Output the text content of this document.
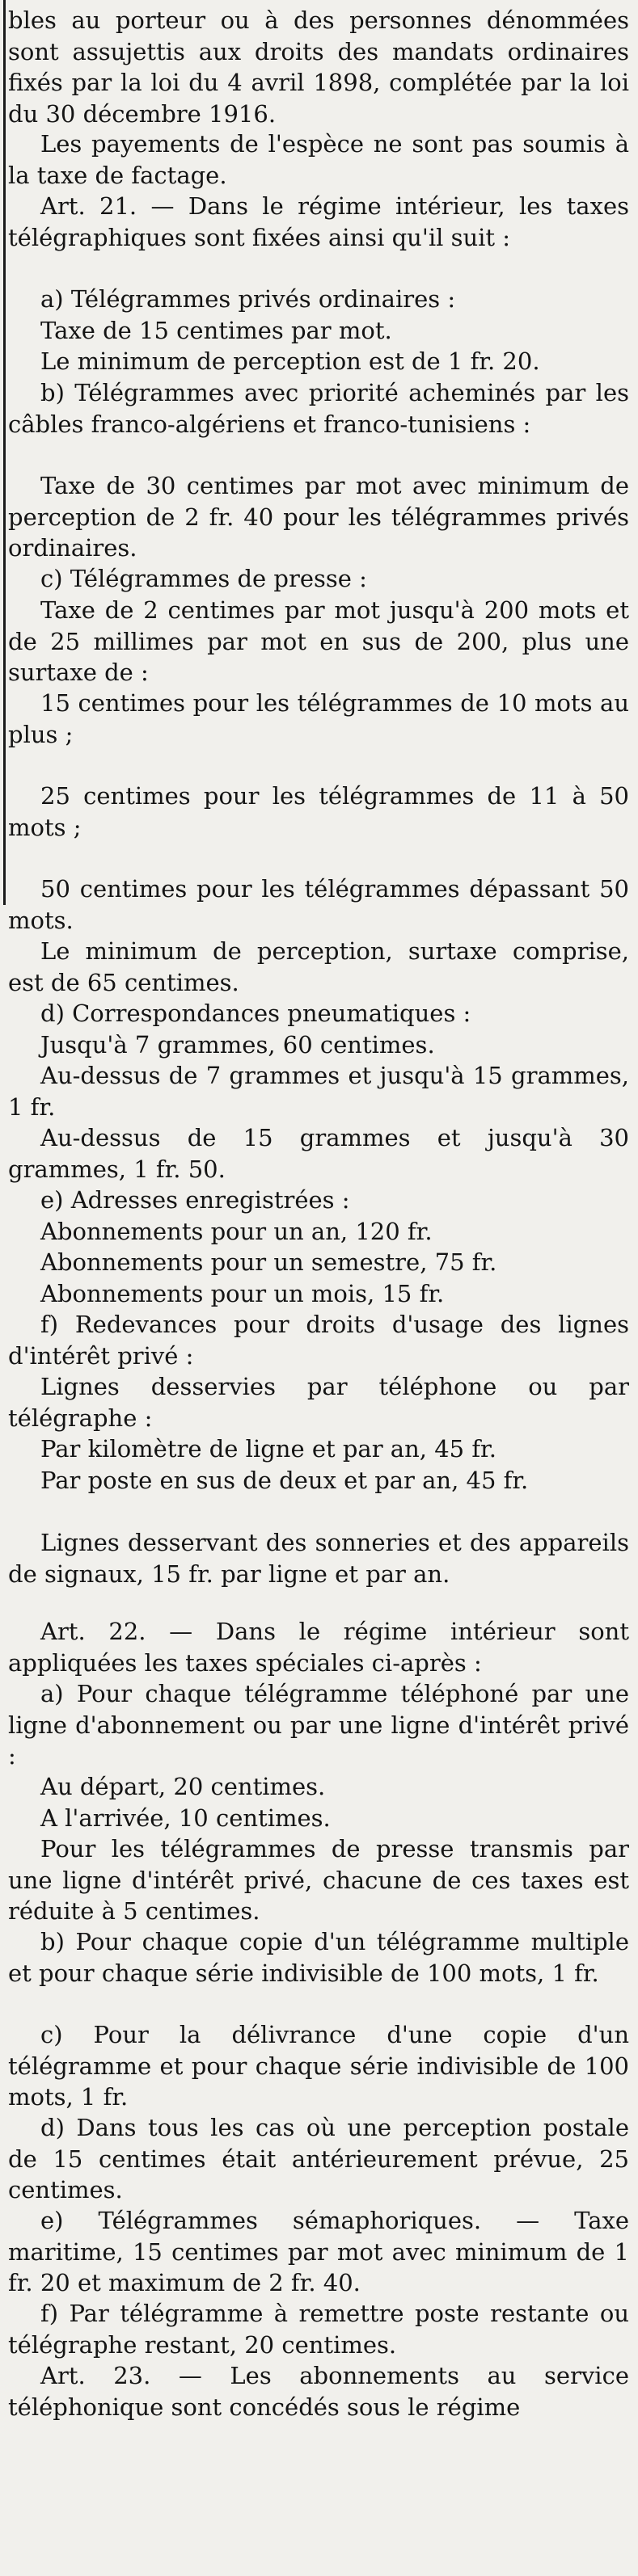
bles au porteur ou à des personnes dénommées sont assujettis aux droits des mandats ordinaires fixés par la loi du 4 avril 1898, complétée par la loi du 30 décembre 1916.

Les payements de l'espèce ne sont pas soumis à la taxe de factage.

Art. 21. — Dans le régime intérieur, les taxes télégraphiques sont fixées ainsi qu'il suit :

a) Télégrammes privés ordinaires :

Taxe de 15 centimes par mot.

Le minimum de perception est de 1 fr. 20.

b) Télégrammes avec priorité acheminés par les câbles franco-algériens et franco-tunisiens :

Taxe de 30 centimes par mot avec minimum de perception de 2 fr. 40 pour les télégrammes privés ordinaires.

c) Télégrammes de presse :

Taxe de 2 centimes par mot jusqu'à 200 mots et de 25 millimes par mot en sus de 200, plus une surtaxe de :

15 centimes pour les télégrammes de 10 mots au plus ;

25 centimes pour les télégrammes de 11 à 50 mots ;

50 centimes pour les télégrammes dépassant 50 mots.

Le minimum de perception, surtaxe comprise, est de 65 centimes.

d) Correspondances pneumatiques :

Jusqu'à 7 grammes, 60 centimes.

Au-dessus de 7 grammes et jusqu'à 15 grammes, 1 fr.

Au-dessus de 15 grammes et jusqu'à 30 grammes, 1 fr. 50.

e) Adresses enregistrées :

Abonnements pour un an, 120 fr.

Abonnements pour un semestre, 75 fr.

Abonnements pour un mois, 15 fr.

f) Redevances pour droits d'usage des lignes d'intérêt privé :

Lignes desservies par téléphone ou par télégraphe :

Par kilomètre de ligne et par an, 45 fr.

Par poste en sus de deux et par an, 45 fr.

Lignes desservant des sonneries et des appareils de signaux, 15 fr. par ligne et par an.

Art. 22. — Dans le régime intérieur sont appliquées les taxes spéciales ci-après :

a) Pour chaque télégramme téléphoné par une ligne d'abonnement ou par une ligne d'intérêt privé :

Au départ, 20 centimes.

A l'arrivée, 10 centimes.

Pour les télégrammes de presse transmis par une ligne d'intérêt privé, chacune de ces taxes est réduite à 5 centimes.

b) Pour chaque copie d'un télégramme multiple et pour chaque série indivisible de 100 mots, 1 fr.

c) Pour la délivrance d'une copie d'un télégramme et pour chaque série indivisible de 100 mots, 1 fr.

d) Dans tous les cas où une perception postale de 15 centimes était antérieurement prévue, 25 centimes.

e) Télégrammes sémaphoriques. — Taxe maritime, 15 centimes par mot avec minimum de 1 fr. 20 et maximum de 2 fr. 40.

f) Par télégramme à remettre poste restante ou télégraphe restant, 20 centimes.

Art. 23. — Les abonnements au service téléphonique sont concédés sous le régime
